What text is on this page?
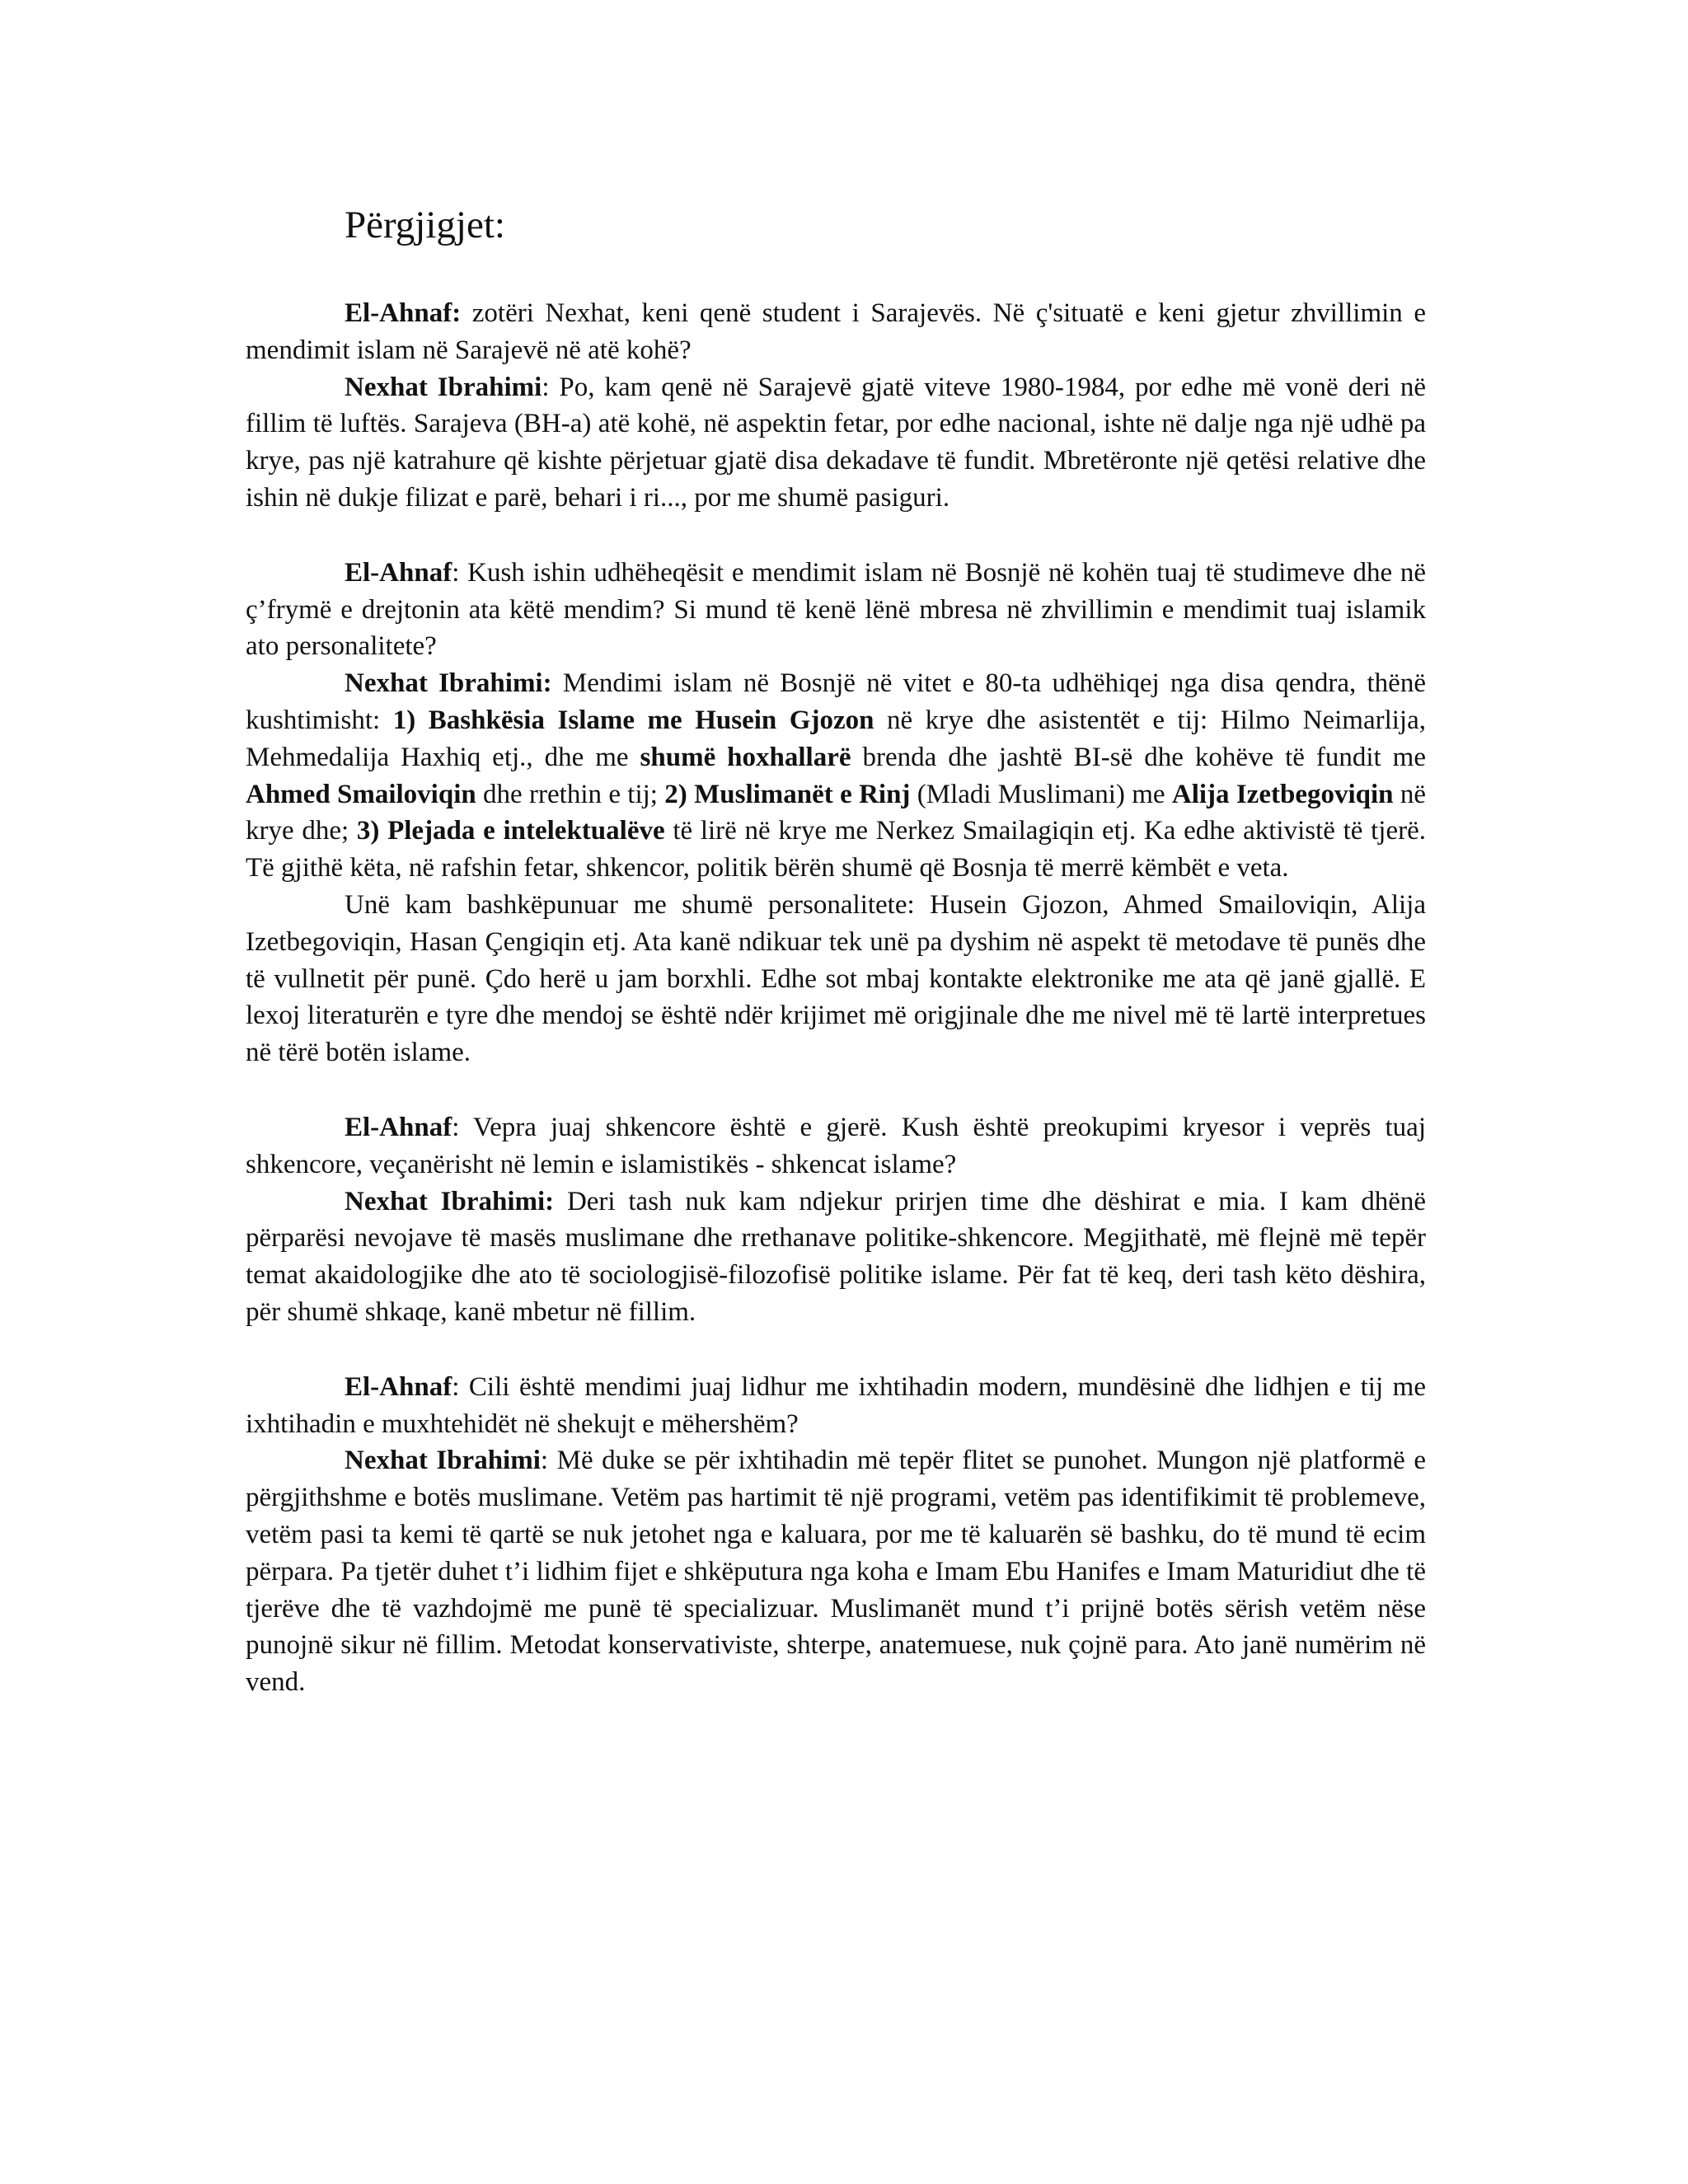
Përgjigjet:

El-Ahnaf: zotëri Nexhat, keni qenë student i Sarajevës. Në ç'situatë e keni gjetur zhvillimin e mendimit islam në Sarajevë në atë kohë?

Nexhat Ibrahimi: Po, kam qenë në Sarajevë gjatë viteve 1980-1984, por edhe më vonë deri në fillim të luftës. Sarajeva (BH-a) atë kohë, në aspektin fetar, por edhe nacional, ishte në dalje nga një udhë pa krye, pas një katrahure që kishte përjetuar gjatë disa dekadave të fundit. Mbretëronte një qetësi relative dhe ishin në dukje filizat e parë, behari i ri..., por me shumë pasiguri.

El-Ahnaf: Kush ishin udhëheqësit e mendimit islam në Bosnjë në kohën tuaj të studimeve dhe në ç’frymë e drejtonin ata këtë mendim? Si mund të kenë lënë mbresa në zhvillimin e mendimit tuaj islamik ato personalitete?

Nexhat Ibrahimi: Mendimi islam në Bosnjë në vitet e 80-ta udhëhiqej nga disa qendra, thënë kushtimisht: 1) Bashkësia Islame me Husein Gjozon në krye dhe asistentët e tij: Hilmo Neimarlija, Mehmedalija Haxhiq etj., dhe me shumë hoxhallarë brenda dhe jashtë BI-së dhe kohëve të fundit me Ahmed Smailoviqin dhe rrethin e tij; 2) Muslimanët e Rinj (Mladi Muslimani) me Alija Izetbegoviqin në krye dhe; 3) Plejada e intelektualëve të lirë në krye me Nerkez Smailagiqin etj. Ka edhe aktivistë të tjerë. Të gjithë këta, në rafshin fetar, shkencor, politik bërën shumë që Bosnja të merrë këmbët e veta.

Unë kam bashkëpunuar me shumë personalitete: Husein Gjozon, Ahmed Smailoviqin, Alija Izetbegoviqin, Hasan Çengiqin etj. Ata kanë ndikuar tek unë pa dyshim në aspekt të metodave të punës dhe të vullnetit për punë. Çdo herë u jam borxhli. Edhe sot mbaj kontakte elektronike me ata që janë gjallë. E lexoj literaturën e tyre dhe mendoj se është ndër krijimet më origjinale dhe me nivel më të lartë interpretues në tërë botën islame.

El-Ahnaf: Vepra juaj shkencore është e gjerë. Kush është preokupimi kryesor i veprës tuaj shkencore, veçanërisht në lemin e islamistikës - shkencat islame?

Nexhat Ibrahimi: Deri tash nuk kam ndjekur prirjen time dhe dëshirat e mia. I kam dhënë përparësi nevojave të masës muslimane dhe rrethanave politike-shkencore. Megjithatë, më flejnë më tepër temat akaidologjike dhe ato të sociologjisë-filozofisë politike islame. Për fat të keq, deri tash këto dëshira, për shumë shkaqe, kanë mbetur në fillim.

El-Ahnaf: Cili është mendimi juaj lidhur me ixhtihadin modern, mundësinë dhe lidhjen e tij me ixhtihadin e muxhtehidët në shekujt e mëhershëm?

Nexhat Ibrahimi: Më duke se për ixhtihadin më tepër flitet se punohet. Mungon një platformë e përgjithshme e botës muslimane. Vetëm pas hartimit të një programi, vetëm pas identifikimit të problemeve, vetëm pasi ta kemi të qartë se nuk jetohet nga e kaluara, por me të kaluarën së bashku, do të mund të ecim përpara. Pa tjetër duhet t’i lidhim fijet e shkëputura nga koha e Imam Ebu Hanifes e Imam Maturidiut dhe të tjerëve dhe të vazhdojmë me punë të specializuar. Muslimanët mund t’i prijnë botës sërish vetëm nëse punojnë sikur në fillim. Metodat konservativiste, shterpe, anatemuese, nuk çojnë para. Ato janë numërim në vend.
